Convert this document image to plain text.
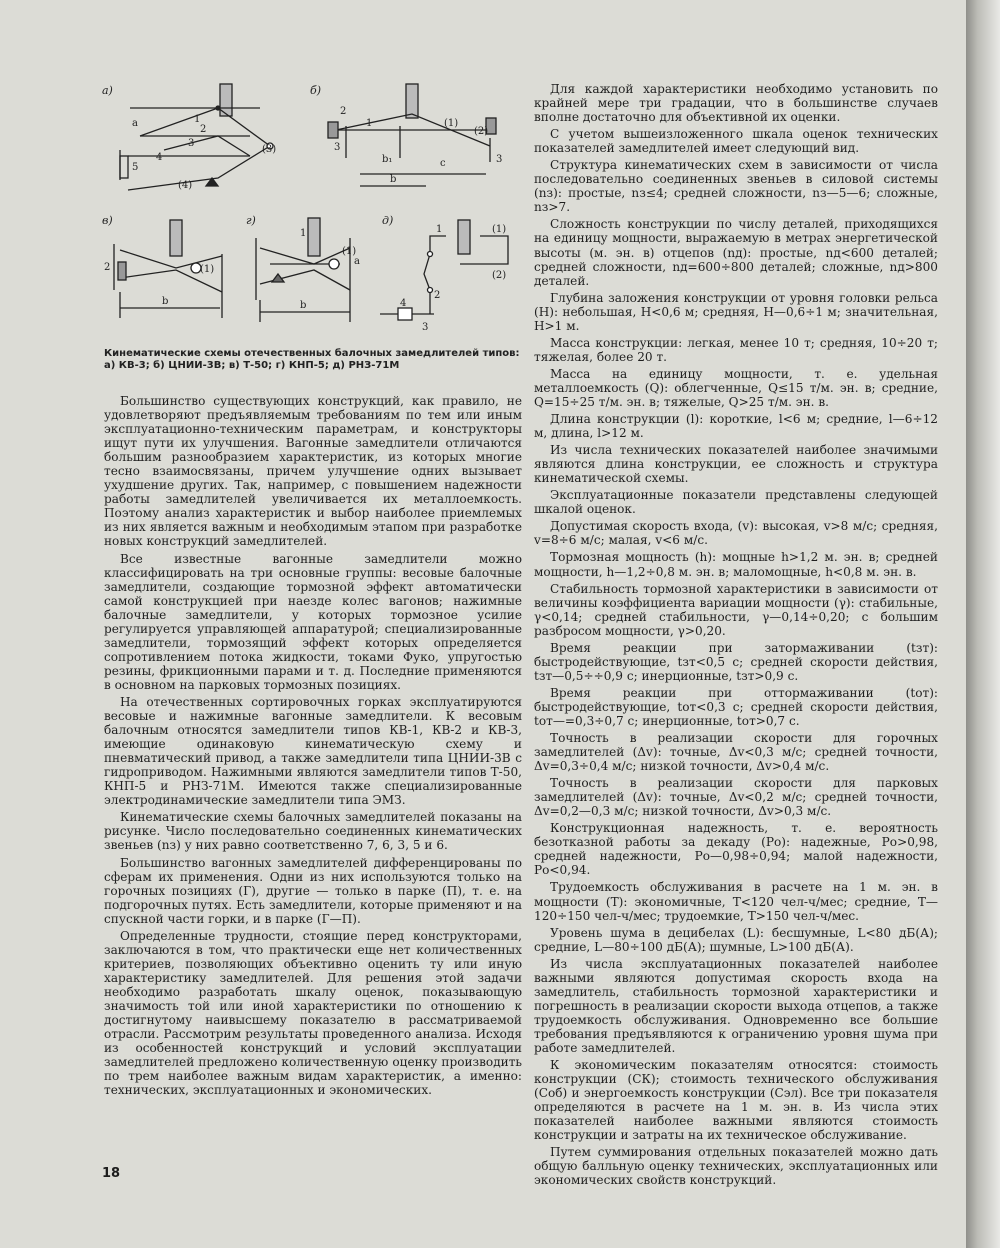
а)
a	1
2
3
4
5
(3)
(4)
б)
2
1	(1)
(2)
3
3
b₁	c
b
в)
2	(1)
b
г)
1
(1)
a
b
д)
1	(1)
(2)
2
4
3
Кинематические схемы отечественных балочных замедлителей типов: а) КВ-3; б) ЦНИИ-3В; в) Т-50; г) КНП-5; д) РНЗ-71М

Большинство существующих конструкций, как правило, не удовлетворяют предъявляемым требованиям по тем или иным эксплуатационно-техническим параметрам, и конструкторы ищут пути их улучшения. Вагонные замедлители отличаются большим разнообразием характеристик, из которых многие тесно взаимосвязаны, причем улучшение одних вызывает ухудшение других. Так, например, с повышением надежности работы замедлителей увеличивается их металлоемкость. Поэтому анализ характеристик и выбор наиболее приемлемых из них является важным и необходимым этапом при разработке новых конструкций замедлителей.

Все известные вагонные замедлители можно классифицировать на три основные группы: весовые балочные замедлители, создающие тормозной эффект автоматически самой конструкцией при наезде колес вагонов; нажимные балочные замедлители, у которых тормозное усилие регулируется управляющей аппаратурой; специализированные замедлители, тормозящий эффект которых определяется сопротивлением потока жидкости, токами Фуко, упругостью резины, фрикционными парами и т. д. Последние применяются в основном на парковых тормозных позициях.

На отечественных сортировочных горках эксплуатируются весовые и нажимные вагонные замедлители. К весовым балочным относятся замедлители типов КВ-1, КВ-2 и КВ-3, имеющие одинаковую кинематическую схему и пневматический привод, а также замедлители типа ЦНИИ-3В с гидроприводом. Нажимными являются замедлители типов Т-50, КНП-5 и РНЗ-71М. Имеются также специализированные электродинамические замедлители типа ЭМЗ.

Кинематические схемы балочных замедлителей показаны на рисунке. Число последовательно соединенных кинематических звеньев (nз) у них равно соответственно 7, 6, 3, 5 и 6.

Большинство вагонных замедлителей дифференцированы по сферам их применения. Одни из них используются только на горочных позициях (Г), другие — только в парке (П), т. е. на подгорочных путях. Есть замедлители, которые применяют и на спускной части горки, и в парке (Г—П).

Определенные трудности, стоящие перед конструкторами, заключаются в том, что практически еще нет количественных критериев, позволяющих объективно оценить ту или иную характеристику замедлителей. Для решения этой задачи необходимо разработать шкалу оценок, показывающую значимость той или иной характеристики по отношению к достигнутому наивысшему показателю в рассматриваемой отрасли. Рассмотрим результаты проведенного анализа. Исходя из особенностей конструкций и условий эксплуатации замедлителей предложено количественную оценку производить по трем наиболее важным видам характеристик, а именно: технических, эксплуатационных и экономических.

Для каждой характеристики необходимо установить по крайней мере три градации, что в большинстве случаев вполне достаточно для объективной их оценки.

С учетом вышеизложенного шкала оценок технических показателей замедлителей имеет следующий вид.

Структура кинематических схем в зависимости от числа последовательно соединенных звеньев в силовой системы (nз): простые, nз≤4; средней сложности, nз—5—6; сложные, nз>7.

Сложность конструкции по числу деталей, приходящихся на единицу мощности, выражаемую в метрах энергетической высоты (м. эн. в) отцепов (nд): простые, nд<600 деталей; средней сложности, nд=600÷800 деталей; сложные, nд>800 деталей.

Глубина заложения конструкции от уровня головки рельса (H): небольшая, H<0,6 м; средняя, H—0,6÷1 м; значительная, H>1 м.

Масса конструкции: легкая, менее 10 т; средняя, 10÷20 т; тяжелая, более 20 т.

Масса на единицу мощности, т. е. удельная металлоемкость (Q): облегченные, Q≤15 т/м. эн. в; средние, Q=15÷25 т/м. эн. в; тяжелые, Q>25 т/м. эн. в.

Длина конструкции (l): короткие, l<6 м; средние, l—6÷12 м, длина, l>12 м.

Из числа технических показателей наиболее значимыми являются длина конструкции, ее сложность и структура кинематической схемы.

Эксплуатационные показатели представлены следующей шкалой оценок.

Допустимая скорость входа, (v): высокая, v>8 м/с; средняя, v=8÷6 м/с; малая, v<6 м/с.

Тормозная мощность (h): мощные h>1,2 м. эн. в; средней мощности, h—1,2÷0,8 м. эн. в; маломощные, h<0,8 м. эн. в.

Стабильность тормозной характеристики в зависимости от величины коэффициента вариации мощности (γ): стабильные, γ<0,14; средней стабильности, γ—0,14÷0,20; с большим разбросом мощности, γ>0,20.

Время реакции при затормаживании (tзт): быстродействующие, tзт<0,5 с; средней скорости действия, tзт—0,5÷÷0,9 с; инерционные, tзт>0,9 с.

Время реакции при оттормаживании (tот): быстродействующие, tот<0,3 с; средней скорости действия, tот—=0,3÷0,7 с; инерционные, tот>0,7 с.

Точность в реализации скорости для горочных замедлителей (Δv): точные, Δv<0,3 м/с; средней точности, Δv=0,3÷0,4 м/с; низкой точности, Δv>0,4 м/с.

Точность в реализации скорости для парковых замедлителей (Δv): точные, Δv<0,2 м/с; средней точности, Δv=0,2—0,3 м/с; низкой точности, Δv>0,3 м/с.

Конструкционная надежность, т. е. вероятность безотказной работы за декаду (Pо): надежные, Pо>0,98, средней надежности, Pо—0,98÷0,94; малой надежности, Pо<0,94.

Трудоемкость обслуживания в расчете на 1 м. эн. в мощности (T): экономичные, T<120 чел-ч/мес; средние, T—120÷150 чел-ч/мес; трудоемкие, T>150 чел-ч/мес.

Уровень шума в децибелах (L): бесшумные, L<80 дБ(А); средние, L—80÷100 дБ(А); шумные, L>100 дБ(А).

Из числа эксплуатационных показателей наиболее важными являются допустимая скорость входа на замедлитель, стабильность тормозной характеристики и погрешность в реализации скорости выхода отцепов, а также трудоемкость обслуживания. Одновременно все большие требования предъявляются к ограничению уровня шума при работе замедлителей.

К экономическим показателям относятся: стоимость конструкции (СК); стоимость технического обслуживания (Cоб) и энергоемкость конструкции (Cэл). Все три показателя определяются в расчете на 1 м. эн. в. Из числа этих показателей наиболее важными являются стоимость конструкции и затраты на их техническое обслуживание.

Путем суммирования отдельных показателей можно дать общую балльную оценку технических, эксплуатационных или экономических свойств конструкций.

18
